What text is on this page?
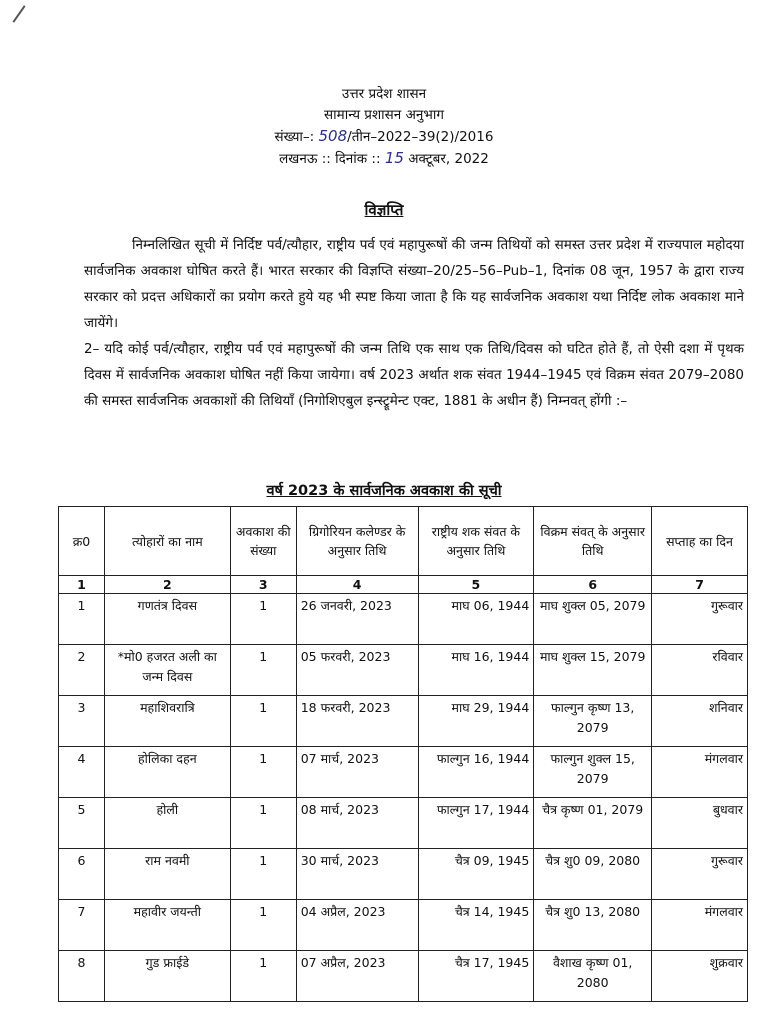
उत्तर प्रदेश शासन
सामान्य प्रशासन अनुभाग
संख्या–: 508/तीन–2022–39(2)/2016
लखनऊ :: दिनांक :: 15 अक्टूबर, 2022
विज्ञप्ति

निम्नलिखित सूची में निर्दिष्ट पर्व/त्यौहार, राष्ट्रीय पर्व एवं महापुरूषों की जन्म तिथियों को समस्त उत्तर प्रदेश में राज्यपाल महोदया सार्वजनिक अवकाश घोषित करते हैं। भारत सरकार की विज्ञप्ति संख्या–20/25–56–Pub–1, दिनांक 08 जून, 1957 के द्वारा राज्य सरकार को प्रदत्त अधिकारों का प्रयोग करते हुये यह भी स्पष्ट किया जाता है कि यह सार्वजनिक अवकाश यथा निर्दिष्ट लोक अवकाश माने जायेंगे।

2– यदि कोई पर्व/त्यौहार, राष्ट्रीय पर्व एवं महापुरूषों की जन्म तिथि एक साथ एक तिथि/दिवस को घटित होते हैं, तो ऐसी दशा में पृथक दिवस में सार्वजनिक अवकाश घोषित नहीं किया जायेगा। वर्ष 2023 अर्थात शक संवत 1944–1945 एवं विक्रम संवत 2079–2080 की समस्त सार्वजनिक अवकाशों की तिथियाँ (निगोशिएबुल इन्स्ट्रूमेन्ट एक्ट, 1881 के अधीन हैं) निम्नवत् होंगी :–

वर्ष 2023 के सार्वजनिक अवकाश की सूची
क्र0	त्योहारों का नाम	अवकाश की संख्या	ग्रिगोरियन कलेण्डर के अनुसार तिथि	राष्ट्रीय शक संवत के अनुसार तिथि	विक्रम संवत् के अनुसार तिथि	सप्ताह का दिन
1	2	3	4	5	6	7
1	गणतंत्र दिवस	1	26 जनवरी, 2023	माघ 06, 1944	माघ शुक्ल 05, 2079	गुरूवार
2	*मो0 हजरत अली का जन्म दिवस	1	05 फरवरी, 2023	माघ 16, 1944	माघ शुक्ल 15, 2079	रविवार
3	महाशिवरात्रि	1	18 फरवरी, 2023	माघ 29, 1944	फाल्गुन कृष्ण 13, 2079	शनिवार
4	होलिका दहन	1	07 मार्च, 2023	फाल्गुन 16, 1944	फाल्गुन शुक्ल 15, 2079	मंगलवार
5	होली	1	08 मार्च, 2023	फाल्गुन 17, 1944	चैत्र कृष्ण 01, 2079	बुधवार
6	राम नवमी	1	30 मार्च, 2023	चैत्र 09, 1945	चैत्र शु0 09, 2080	गुरूवार
7	महावीर जयन्ती	1	04 अप्रैल, 2023	चैत्र 14, 1945	चैत्र शु0 13, 2080	मंगलवार
8	गुड फ्राईडे	1	07 अप्रैल, 2023	चैत्र 17, 1945	वैशाख कृष्ण 01, 2080	शुक्रवार
